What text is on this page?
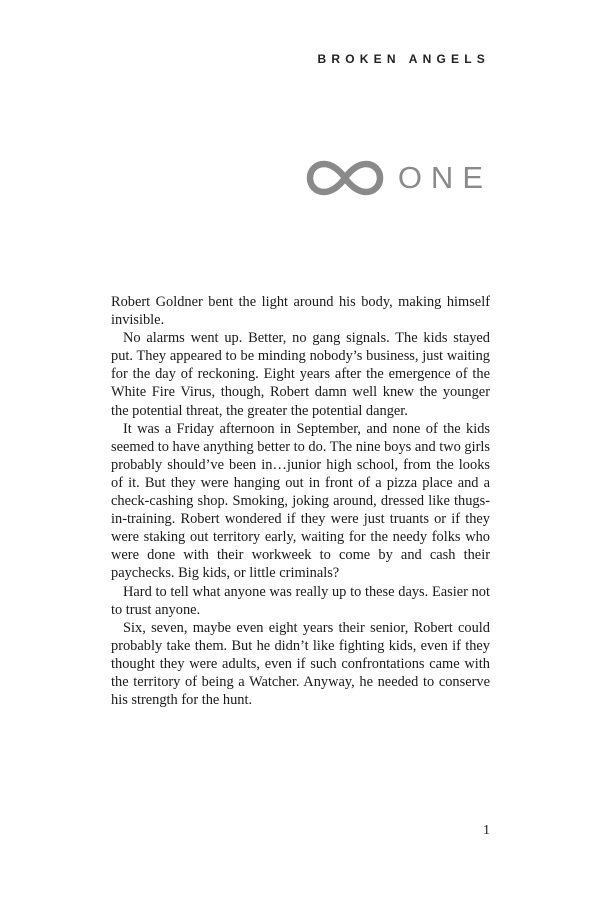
BROKEN ANGELS
ONE

Robert Goldner bent the light around his body, making himself invisible.

No alarms went up. Better, no gang signals. The kids stayed put. They appeared to be minding nobody’s business, just waiting for the day of reckoning. Eight years after the emergence of the White Fire Virus, though, Robert damn well knew the younger the potential threat, the greater the potential danger.

It was a Friday afternoon in September, and none of the kids seemed to have anything better to do. The nine boys and two girls probably should’ve been in…junior high school, from the looks of it. But they were hanging out in front of a pizza place and a check-cashing shop. Smoking, joking around, dressed like thugs-in-training. Robert wondered if they were just truants or if they were staking out territory early, waiting for the needy folks who were done with their workweek to come by and cash their paychecks. Big kids, or little criminals?

Hard to tell what anyone was really up to these days. Easier not to trust anyone.

Six, seven, maybe even eight years their senior, Robert could probably take them. But he didn’t like fighting kids, even if they thought they were adults, even if such confrontations came with the territory of being a Watcher. Anyway, he needed to conserve his strength for the hunt.

1
